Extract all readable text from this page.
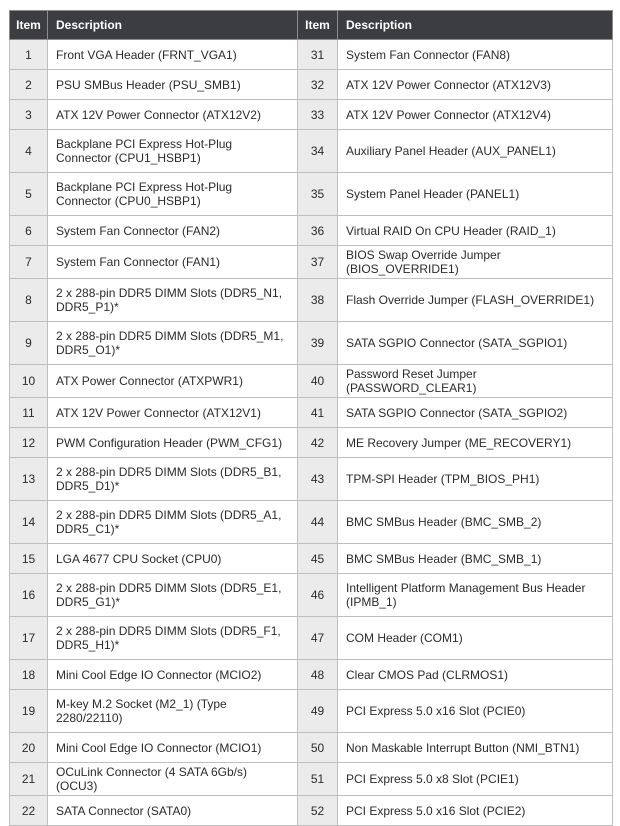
Item	Description	Item	Description
1	Front VGA Header (FRNT_VGA1)	31	System Fan Connector (FAN8)
2	PSU SMBus Header (PSU_SMB1)	32	ATX 12V Power Connector (ATX12V3)
3	ATX 12V Power Connector (ATX12V2)	33	ATX 12V Power Connector (ATX12V4)
4	Backplane PCI Express Hot-Plug Connector (CPU1_HSBP1)	34	Auxiliary Panel Header (AUX_PANEL1)
5	Backplane PCI Express Hot-Plug Connector (CPU0_HSBP1)	35	System Panel Header (PANEL1)
6	System Fan Connector (FAN2)	36	Virtual RAID On CPU Header (RAID_1)
7	System Fan Connector (FAN1)	37	BIOS Swap Override Jumper (BIOS_OVERRIDE1)
8	2 x 288-pin DDR5 DIMM Slots (DDR5_N1, DDR5_P1)*	38	Flash Override Jumper (FLASH_OVERRIDE1)
9	2 x 288-pin DDR5 DIMM Slots (DDR5_M1, DDR5_O1)*	39	SATA SGPIO Connector (SATA_SGPIO1)
10	ATX Power Connector (ATXPWR1)	40	Password Reset Jumper (PASSWORD_CLEAR1)
11	ATX 12V Power Connector (ATX12V1)	41	SATA SGPIO Connector (SATA_SGPIO2)
12	PWM Configuration Header (PWM_CFG1)	42	ME Recovery Jumper (ME_RECOVERY1)
13	2 x 288-pin DDR5 DIMM Slots (DDR5_B1, DDR5_D1)*	43	TPM-SPI Header (TPM_BIOS_PH1)
14	2 x 288-pin DDR5 DIMM Slots (DDR5_A1, DDR5_C1)*	44	BMC SMBus Header (BMC_SMB_2)
15	LGA 4677 CPU Socket (CPU0)	45	BMC SMBus Header (BMC_SMB_1)
16	2 x 288-pin DDR5 DIMM Slots (DDR5_E1, DDR5_G1)*	46	Intelligent Platform Management Bus Header (IPMB_1)
17	2 x 288-pin DDR5 DIMM Slots (DDR5_F1, DDR5_H1)*	47	COM Header (COM1)
18	Mini Cool Edge IO Connector (MCIO2)	48	Clear CMOS Pad (CLRMOS1)
19	M-key M.2 Socket (M2_1) (Type 2280/22110)	49	PCI Express 5.0 x16 Slot (PCIE0)
20	Mini Cool Edge IO Connector (MCIO1)	50	Non Maskable Interrupt Button (NMI_BTN1)
21	OCuLink Connector (4 SATA 6Gb/s) (OCU3)	51	PCI Express 5.0 x8 Slot (PCIE1)
22	SATA Connector (SATA0)	52	PCI Express 5.0 x16 Slot (PCIE2)
